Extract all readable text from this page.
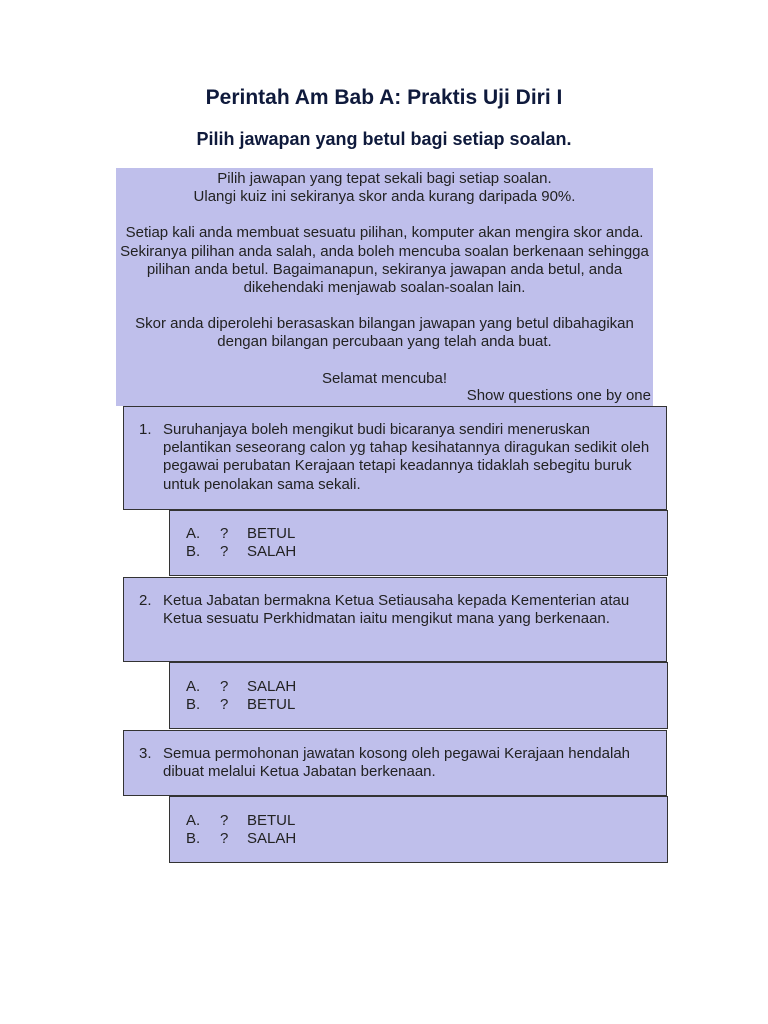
Perintah Am Bab A: Praktis Uji Diri I
Pilih jawapan yang betul bagi setiap soalan.

Pilih jawapan yang tepat sekali bagi setiap soalan.

Ulangi kuiz ini sekiranya skor anda kurang daripada 90%.

Setiap kali anda membuat sesuatu pilihan, komputer akan mengira skor anda. Sekiranya pilihan anda salah, anda boleh mencuba soalan berkenaan sehingga pilihan anda betul. Bagaimanapun, sekiranya jawapan anda betul, anda dikehendaki menjawab soalan-soalan lain.

Skor anda diperolehi berasaskan bilangan jawapan yang betul dibahagikan dengan bilangan percubaan yang telah anda buat.

Selamat mencuba!

Show questions one by one
1. Suruhanjaya boleh mengikut budi bicaranya sendiri meneruskan pelantikan seseorang calon yg tahap kesihatannya diragukan sedikit oleh pegawai perubatan Kerajaan tetapi keadannya tidaklah sebegitu buruk untuk penolakan sama sekali.
A. ? BETUL
B. ? SALAH
2. Ketua Jabatan bermakna Ketua Setiausaha kepada Kementerian atau Ketua sesuatu Perkhidmatan iaitu mengikut mana yang berkenaan.
A. ? SALAH
B. ? BETUL
3. Semua permohonan jawatan kosong oleh pegawai Kerajaan hendalah dibuat melalui Ketua Jabatan berkenaan.
A. ? BETUL
B. ? SALAH
